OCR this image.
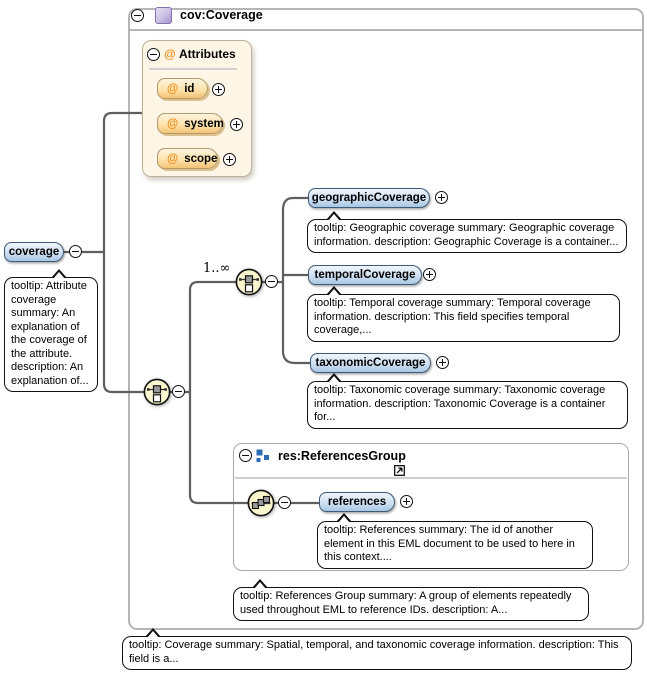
cov:Coverage
@ Attributes
@ id
@ system
@ scope
coverage
tooltip: Attribute coverage summary: An explanation of the coverage of the attribute. description: An explanation of...
1..∞
geographicCoverage
tooltip: Geographic coverage summary: Geographic coverage information. description: Geographic Coverage is a container...
temporalCoverage
tooltip: Temporal coverage summary: Temporal coverage information. description: This field specifies temporal coverage,...
taxonomicCoverage
tooltip: Taxonomic coverage summary: Taxonomic coverage information. description: Taxonomic Coverage is a container for...
res:ReferencesGroup
references
tooltip: References summary: The id of another element in this EML document to be used to here in this context....
tooltip: References Group summary: A group of elements repeatedly used throughout EML to reference IDs. description: A...
tooltip: Coverage summary: Spatial, temporal, and taxonomic coverage information. description: This field is a...
